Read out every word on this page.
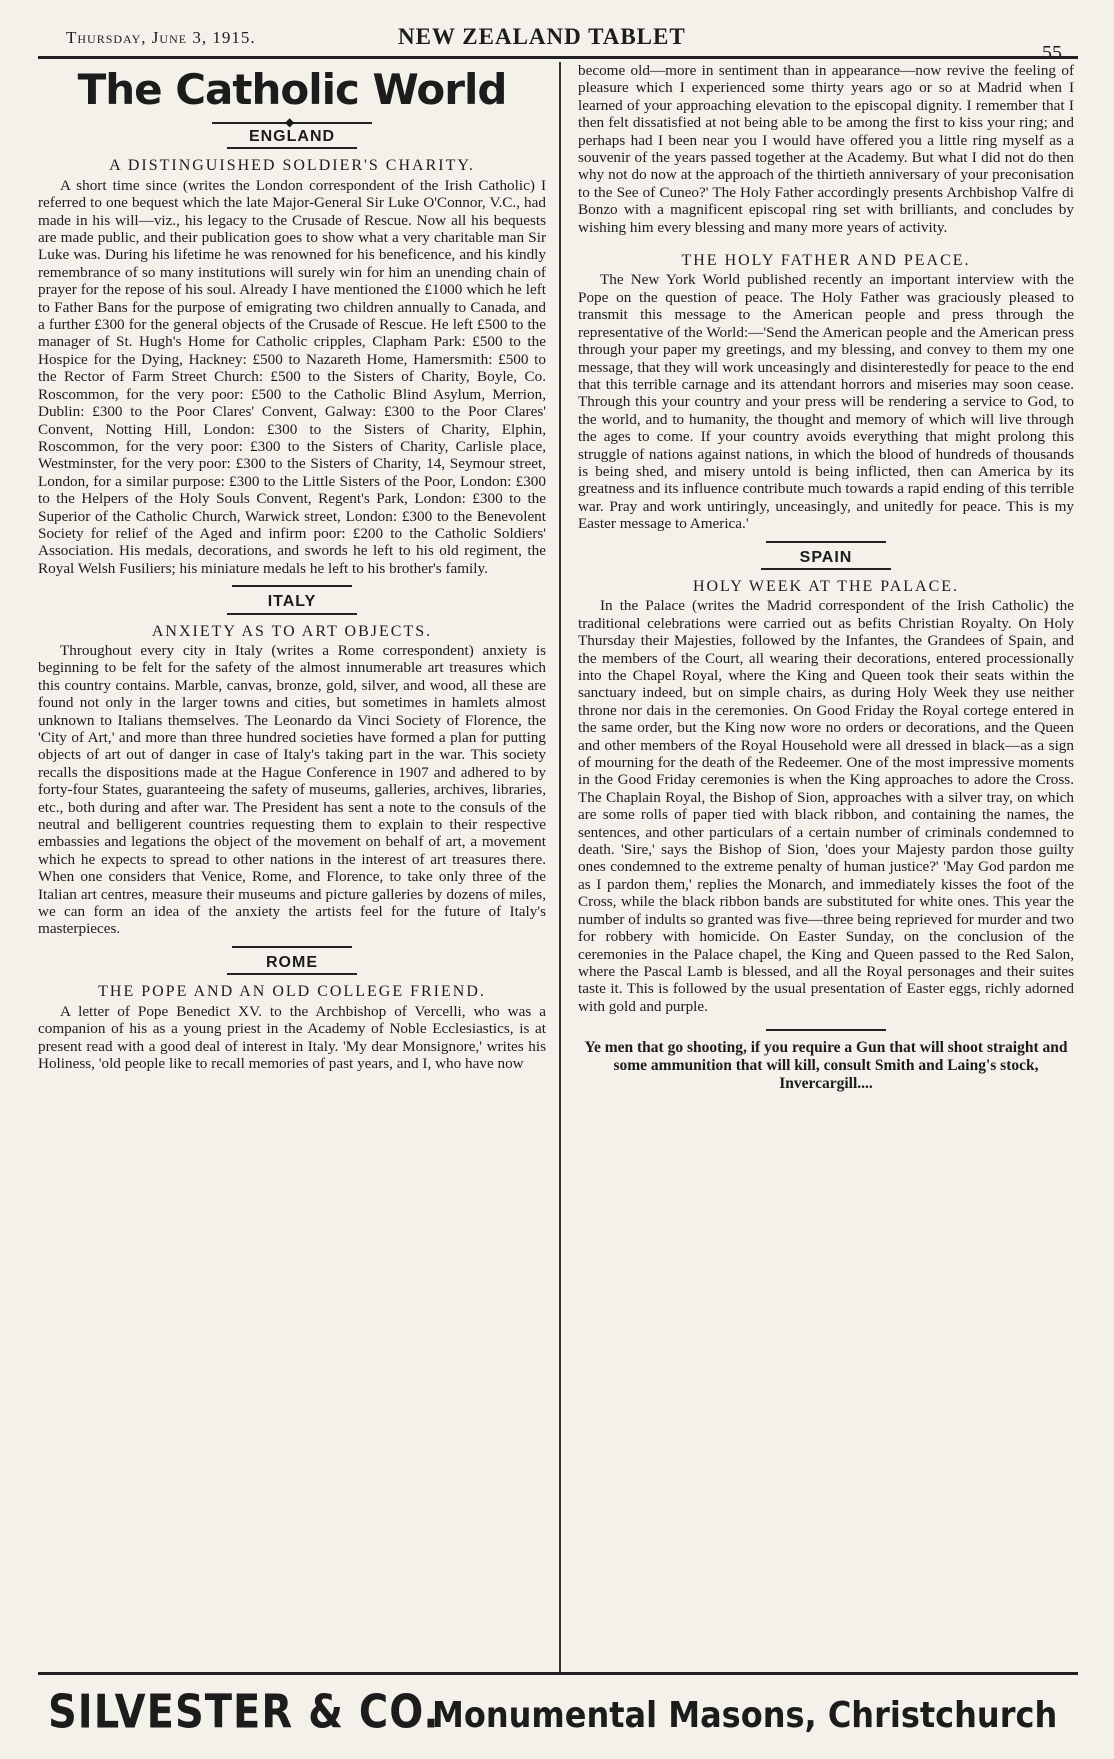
Thursday, June 3, 1915.	NEW ZEALAND TABLET
55
The Catholic World
◆
ENGLAND
A DISTINGUISHED SOLDIER'S CHARITY.

A short time since (writes the London correspondent of the Irish Catholic) I referred to one bequest which the late Major-General Sir Luke O'Connor, V.C., had made in his will—viz., his legacy to the Crusade of Rescue. Now all his bequests are made public, and their publication goes to show what a very charitable man Sir Luke was. During his lifetime he was renowned for his beneficence, and his kindly remembrance of so many institutions will surely win for him an unending chain of prayer for the repose of his soul. Already I have mentioned the £1000 which he left to Father Bans for the purpose of emigrating two children annually to Canada, and a further £300 for the general objects of the Crusade of Rescue. He left £500 to the manager of St. Hugh's Home for Catholic cripples, Clapham Park: £500 to the Hospice for the Dying, Hackney: £500 to Nazareth Home, Hamersmith: £500 to the Rector of Farm Street Church: £500 to the Sisters of Charity, Boyle, Co. Roscommon, for the very poor: £500 to the Catholic Blind Asylum, Merrion, Dublin: £300 to the Poor Clares' Convent, Galway: £300 to the Poor Clares' Convent, Notting Hill, London: £300 to the Sisters of Charity, Elphin, Roscommon, for the very poor: £300 to the Sisters of Charity, Carlisle place, Westminster, for the very poor: £300 to the Sisters of Charity, 14, Seymour street, London, for a similar purpose: £300 to the Little Sisters of the Poor, London: £300 to the Helpers of the Holy Souls Convent, Regent's Park, London: £300 to the Superior of the Catholic Church, Warwick street, London: £300 to the Benevolent Society for relief of the Aged and infirm poor: £200 to the Catholic Soldiers' Association. His medals, decorations, and swords he left to his old regiment, the Royal Welsh Fusiliers; his miniature medals he left to his brother's family.

ITALY
ANXIETY AS TO ART OBJECTS.

Throughout every city in Italy (writes a Rome correspondent) anxiety is beginning to be felt for the safety of the almost innumerable art treasures which this country contains. Marble, canvas, bronze, gold, silver, and wood, all these are found not only in the larger towns and cities, but sometimes in hamlets almost unknown to Italians themselves. The Leonardo da Vinci Society of Florence, the 'City of Art,' and more than three hundred societies have formed a plan for putting objects of art out of danger in case of Italy's taking part in the war. This society recalls the dispositions made at the Hague Conference in 1907 and adhered to by forty-four States, guaranteeing the safety of museums, galleries, archives, libraries, etc., both during and after war. The President has sent a note to the consuls of the neutral and belligerent countries requesting them to explain to their respective embassies and legations the object of the movement on behalf of art, a movement which he expects to spread to other nations in the interest of art treasures there. When one considers that Venice, Rome, and Florence, to take only three of the Italian art centres, measure their museums and picture galleries by dozens of miles, we can form an idea of the anxiety the artists feel for the future of Italy's masterpieces.

ROME
THE POPE AND AN OLD COLLEGE FRIEND.

A letter of Pope Benedict XV. to the Archbishop of Vercelli, who was a companion of his as a young priest in the Academy of Noble Ecclesiastics, is at present read with a good deal of interest in Italy. 'My dear Monsignore,' writes his Holiness, 'old people like to recall memories of past years, and I, who have now

become old—more in sentiment than in appearance—now revive the feeling of pleasure which I experienced some thirty years ago or so at Madrid when I learned of your approaching elevation to the episcopal dignity. I remember that I then felt dissatisfied at not being able to be among the first to kiss your ring; and perhaps had I been near you I would have offered you a little ring myself as a souvenir of the years passed together at the Academy. But what I did not do then why not do now at the approach of the thirtieth anniversary of your preconisation to the See of Cuneo?' The Holy Father accordingly presents Archbishop Valfre di Bonzo with a magnificent episcopal ring set with brilliants, and concludes by wishing him every blessing and many more years of activity.

THE HOLY FATHER AND PEACE.

The New York World published recently an important interview with the Pope on the question of peace. The Holy Father was graciously pleased to transmit this message to the American people and press through the representative of the World:—'Send the American people and the American press through your paper my greetings, and my blessing, and convey to them my one message, that they will work unceasingly and disinterestedly for peace to the end that this terrible carnage and its attendant horrors and miseries may soon cease. Through this your country and your press will be rendering a service to God, to the world, and to humanity, the thought and memory of which will live through the ages to come. If your country avoids everything that might prolong this struggle of nations against nations, in which the blood of hundreds of thousands is being shed, and misery untold is being inflicted, then can America by its greatness and its influence contribute much towards a rapid ending of this terrible war. Pray and work untiringly, unceasingly, and unitedly for peace. This is my Easter message to America.'

SPAIN
HOLY WEEK AT THE PALACE.

In the Palace (writes the Madrid correspondent of the Irish Catholic) the traditional celebrations were carried out as befits Christian Royalty. On Holy Thursday their Majesties, followed by the Infantes, the Grandees of Spain, and the members of the Court, all wearing their decorations, entered processionally into the Chapel Royal, where the King and Queen took their seats within the sanctuary indeed, but on simple chairs, as during Holy Week they use neither throne nor dais in the ceremonies. On Good Friday the Royal cortege entered in the same order, but the King now wore no orders or decorations, and the Queen and other members of the Royal Household were all dressed in black—as a sign of mourning for the death of the Redeemer. One of the most impressive moments in the Good Friday ceremonies is when the King approaches to adore the Cross. The Chaplain Royal, the Bishop of Sion, approaches with a silver tray, on which are some rolls of paper tied with black ribbon, and containing the names, the sentences, and other particulars of a certain number of criminals condemned to death. 'Sire,' says the Bishop of Sion, 'does your Majesty pardon those guilty ones condemned to the extreme penalty of human justice?' 'May God pardon me as I pardon them,' replies the Monarch, and immediately kisses the foot of the Cross, while the black ribbon bands are substituted for white ones. This year the number of indults so granted was five—three being reprieved for murder and two for robbery with homicide. On Easter Sunday, on the conclusion of the ceremonies in the Palace chapel, the King and Queen passed to the Red Salon, where the Pascal Lamb is blessed, and all the Royal personages and their suites taste it. This is followed by the usual presentation of Easter eggs, richly adorned with gold and purple.

Ye men that go shooting, if you require a Gun that will shoot straight and some ammunition that will kill, consult Smith and Laing's stock, Invercargill....

SILVESTER & CO.
Monumental Masons, Christchurch
